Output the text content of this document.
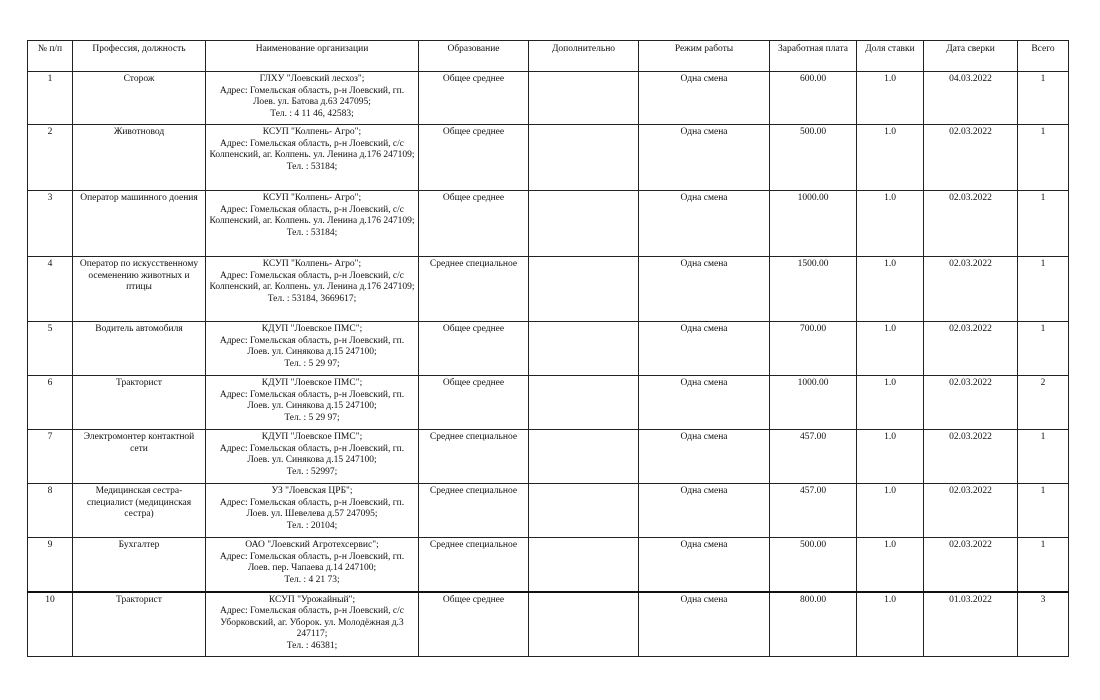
№ п/п	Профессия, должность	Наименование организации	Образование	Дополнительно	Режим работы	Заработная плата	Доля ставки	Дата сверки	Всего
1	Сторож	ГЛХУ "Лоевский лесхоз";
Адрес: Гомельская область, р-н Лоевский, гп. Лоев. ул. Батова д.63 247095;
Тел. : 4 11 46, 42583;	Общее среднее		Одна смена	600.00	1.0	04.03.2022	1
2	Животновод	КСУП "Колпень- Агро";
Адрес: Гомельская область, р-н Лоевский, с/с Колпенский, аг. Колпень. ул. Ленина д.176 247109;
Тел. : 53184;	Общее среднее		Одна смена	500.00	1.0	02.03.2022	1
3	Оператор машинного доения	КСУП "Колпень- Агро";
Адрес: Гомельская область, р-н Лоевский, с/с Колпенский, аг. Колпень. ул. Ленина д.176 247109;
Тел. : 53184;	Общее среднее		Одна смена	1000.00	1.0	02.03.2022	1
4	Оператор по искусственному осеменению животных и птицы	КСУП "Колпень- Агро";
Адрес: Гомельская область, р-н Лоевский, с/с Колпенский, аг. Колпень. ул. Ленина д.176 247109;
Тел. : 53184, 3669617;	Среднее специальное		Одна смена	1500.00	1.0	02.03.2022	1
5	Водитель автомобиля	КДУП "Лоевское ПМС";
Адрес: Гомельская область, р-н Лоевский, гп. Лоев. ул. Синякова д.15 247100;
Тел. : 5 29 97;	Общее среднее		Одна смена	700.00	1.0	02.03.2022	1
6	Тракторист	КДУП "Лоевское ПМС";
Адрес: Гомельская область, р-н Лоевский, гп. Лоев. ул. Синякова д.15 247100;
Тел. : 5 29 97;	Общее среднее		Одна смена	1000.00	1.0	02.03.2022	2
7	Электромонтер контактной сети	КДУП "Лоевское ПМС";
Адрес: Гомельская область, р-н Лоевский, гп. Лоев. ул. Синякова д.15 247100;
Тел. : 52997;	Среднее специальное		Одна смена	457.00	1.0	02.03.2022	1
8	Медицинская сестра-специалист (медицинская сестра)	УЗ "Лоевская ЦРБ";
Адрес: Гомельская область, р-н Лоевский, гп. Лоев. ул. Шевелева д.57 247095;
Тел. : 20104;	Среднее специальное		Одна смена	457.00	1.0	02.03.2022	1
9	Бухгалтер	ОАО "Лоевский Агротехсервис";
Адрес: Гомельская область, р-н Лоевский, гп. Лоев. пер. Чапаева д.14 247100;
Тел. : 4 21 73;	Среднее специальное		Одна смена	500.00	1.0	02.03.2022	1
10	Тракторист	КСУП "Урожайный";
Адрес: Гомельская область, р-н Лоевский, с/с Уборковский, аг. Уборок. ул. Молодёжная д.3 247117;
Тел. : 46381;	Общее среднее		Одна смена	800.00	1.0	01.03.2022	3
